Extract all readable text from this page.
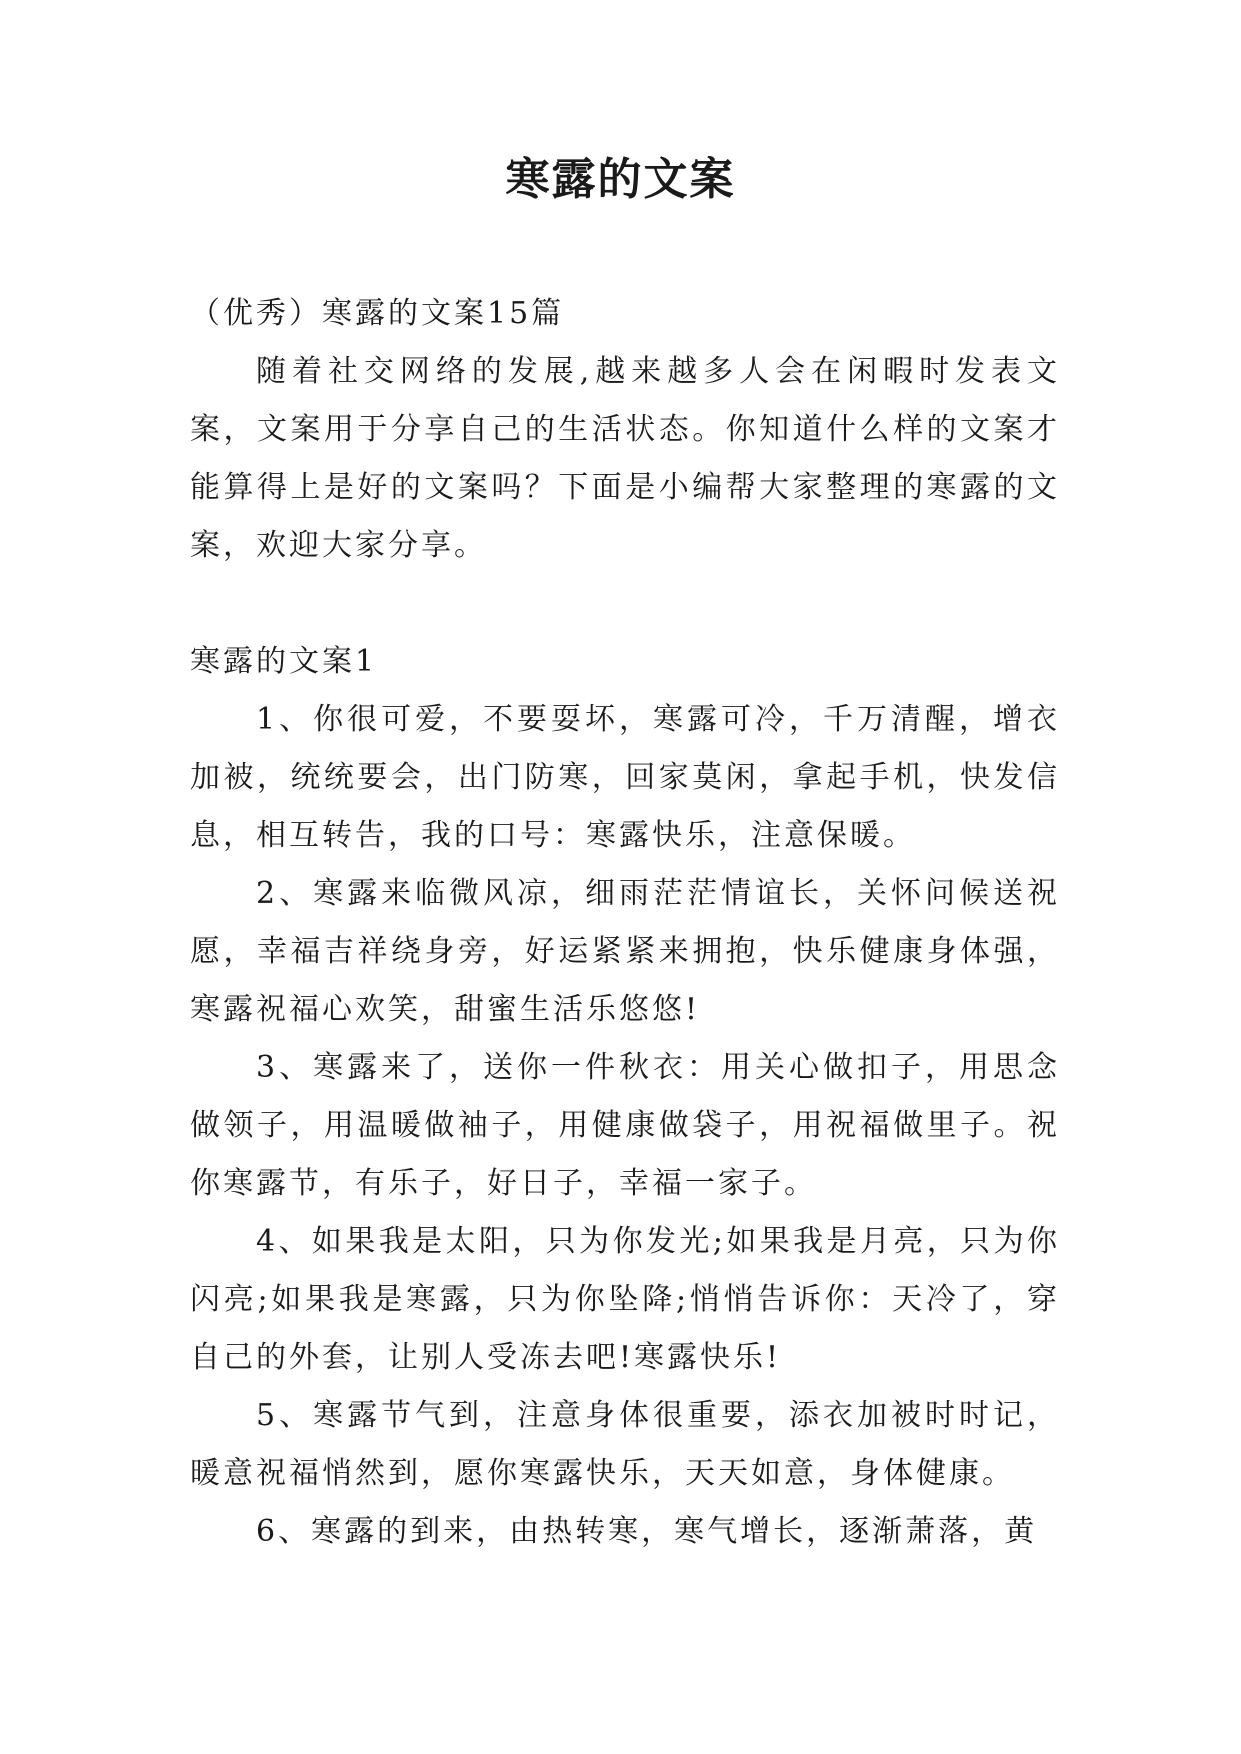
寒露的文案

（优秀）寒露的文案15篇

随着社交网络的发展,越来越多人会在闲暇时发表文案，文案用于分享自己的生活状态。你知道什么样的文案才能算得上是好的文案吗？下面是小编帮大家整理的寒露的文案，欢迎大家分享。

寒露的文案1

1、你很可爱，不要耍坏，寒露可冷，千万清醒，增衣加被，统统要会，出门防寒，回家莫闲，拿起手机，快发信息，相互转告，我的口号：寒露快乐，注意保暖。

2、寒露来临微风凉，细雨茫茫情谊长，关怀问候送祝愿，幸福吉祥绕身旁，好运紧紧来拥抱，快乐健康身体强，寒露祝福心欢笑，甜蜜生活乐悠悠!

3、寒露来了，送你一件秋衣：用关心做扣子，用思念做领子，用温暖做袖子，用健康做袋子，用祝福做里子。祝你寒露节，有乐子，好日子，幸福一家子。

4、如果我是太阳，只为你发光;如果我是月亮，只为你闪亮;如果我是寒露，只为你坠降;悄悄告诉你：天冷了，穿自己的外套，让别人受冻去吧!寒露快乐!

5、寒露节气到，注意身体很重要，添衣加被时时记，暖意祝福悄然到，愿你寒露快乐，天天如意，身体健康。

6、寒露的到来，由热转寒，寒气增长，逐渐萧落，黄
